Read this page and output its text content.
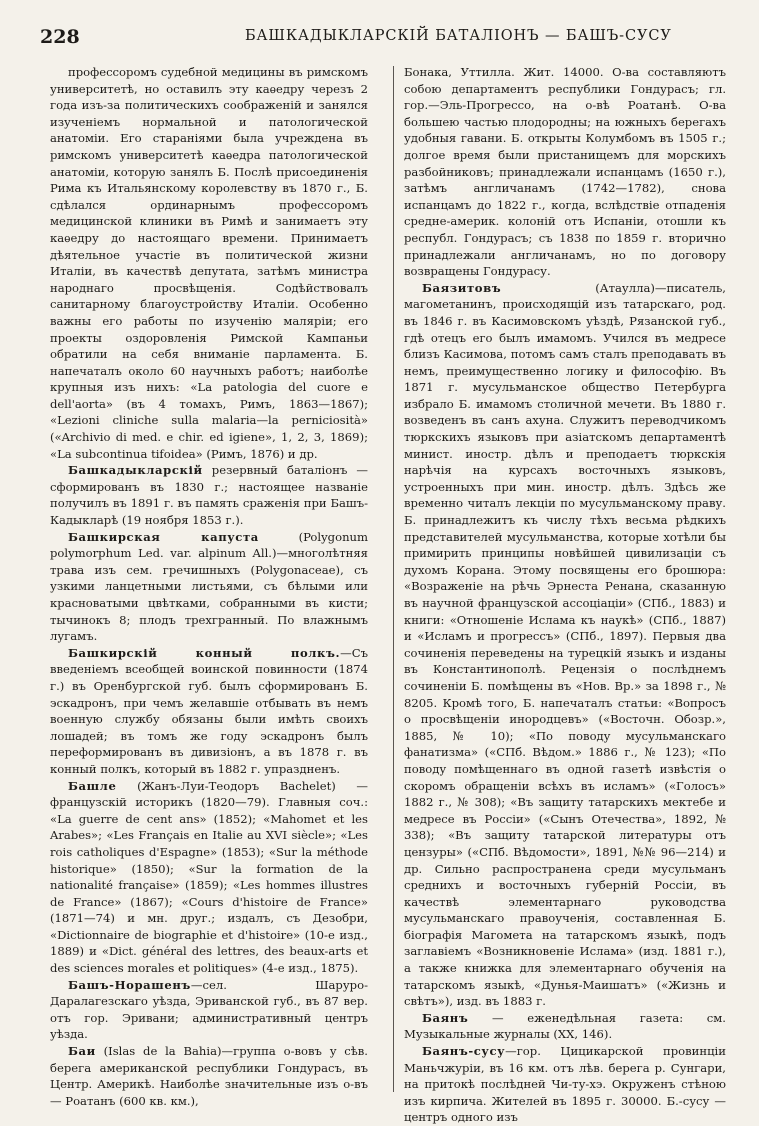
228	БАШКАДЫКЛАРСКІЙ БАТАЛІОНЪ — БАШЪ-СУСУ

профессоромъ судебной медицины въ римскомъ университетѣ, но оставилъ эту каѳедру черезъ 2 года изъ-за политическихъ соображеній и занялся изученіемъ нормальной и патологической анатоміи. Его стараніями была учреждена въ римскомъ университетѣ каѳедра патологической анатоміи, которую занялъ Б. Послѣ присоединенія Рима къ Итальянскому королевству въ 1870 г., Б. сдѣлался ординарнымъ профессоромъ медицинской клиники въ Римѣ и занимаетъ эту каѳедру до настоящаго времени. Принимаетъ дѣятельное участіе въ политической жизни Италіи, въ качествѣ депутата, затѣмъ министра народнаго просвѣщенія. Содѣйствовалъ санитарному благоустройству Италіи. Особенно важны его работы по изученію маляріи; его проекты оздоровленія Римской Кампаньи обратили на себя вниманіе парламента. Б. напечаталъ около 60 научныхъ работъ; наиболѣе крупныя изъ нихъ: «La patologia del cuore e dell'aorta» (въ 4 томахъ, Римъ, 1863—1867); «Lezioni cliniche sulla malaria—la perniciosità» («Archivio di med. e chir. ed igiene», 1, 2, 3, 1869); «La subcontinua tifoidea» (Римъ, 1876) и др.

Башкадыкларскій резервный баталіонъ — сформированъ въ 1830 г.; настоящее названіе получилъ въ 1891 г. въ память сраженія при Башъ-Кадыкларѣ (19 ноября 1853 г.).

Башкирская капуста	(Polygonum polymorphum Led. var. alpinum All.)—многолѣтняя трава изъ сем. гречишныхъ (Polygonaceae), съ узкими ланцетными листьями, съ бѣлыми или красноватыми цвѣтками, собранными въ кисти; тычинокъ 8; плодъ трехгранный. По влажнымъ лугамъ.

Башкирскій конный полкъ.—Съ введеніемъ всеобщей воинской повинности (1874 г.) въ Оренбургской губ. былъ сформированъ Б. эскадронъ, при чемъ желавшіе отбывать въ немъ военную службу обязаны были имѣть своихъ лошадей; въ томъ же году эскадронъ былъ переформированъ въ дивизіонъ, а въ 1878 г. въ конный полкъ, который въ 1882 г. упраздненъ.

Башле (Жанъ-Луи-Теодоръ Bachelet) — французскій историкъ (1820—79). Главныя соч.: «La guerre de cent ans» (1852); «Mahomet et les Arabes»; «Les Français en Italie au XVI siècle»; «Les rois catholiques d'Espagne» (1853); «Sur la méthode historique» (1850); «Sur la formation de la nationalité française» (1859); «Les hommes illustres de France» (1867); «Cours d'histoire de France» (1871—74) и мн. друг.; издалъ, съ Дезобри, «Dictionnaire de biographie et d'histoire» (10-е изд., 1889) и «Dict. général des lettres, des beaux-arts et des sciences morales et politiques» (4-е изд., 1875).

Башъ-Норашенъ—сел. Шаруро-Даралагезскаго уѣзда, Эриванской губ., въ 87 вер. отъ гор. Эривани; административный центръ уѣзда.

Баи (Islas de la Bahia)—группа о-вовъ у сѣв. берега американской республики Гондурасъ, въ Центр. Америкѣ. Наиболѣе значительные изъ о-въ — Роатанъ (600 кв. км.),

Бонака, Уттилла. Жит. 14000. О-ва составляютъ собою департаментъ республики Гондурасъ; гл. гор.—Эль-Прогрессо, на о-вѣ Роатанѣ. О-ва большею частью плодородны; на южныхъ берегахъ удобныя гавани. Б. открыты Колумбомъ въ 1505 г.; долгое время были пристанищемъ для морскихъ разбойниковъ; принадлежали испанцамъ (1650 г.), затѣмъ англичанамъ (1742—1782), снова испанцамъ до 1822 г., когда, вслѣдствіе отпаденія средне-америк. колоній отъ Испаніи, отошли къ республ. Гондурасъ; съ 1838 по 1859 г. вторично принадлежали англичанамъ, но по договору возвращены Гондурасу.

Баязитовъ	(Атаулла)—писатель, магометанинъ, происходящій изъ татарскаго, род. въ 1846 г. въ Касимовскомъ уѣздѣ, Рязанской губ., гдѣ отецъ его былъ имамомъ. Учился въ медресе близъ Касимова, потомъ самъ сталъ преподавать въ немъ, преимущественно логику и философію. Въ 1871 г. мусульманское общество Петербурга избрало Б. имамомъ столичной мечети. Въ 1880 г. возведенъ въ санъ ахуна. Служитъ переводчикомъ тюркскихъ языковъ при азіатскомъ департаментѣ минист. иностр. дѣлъ и преподаетъ тюркскія нарѣчія на курсахъ восточныхъ языковъ, устроенныхъ при мин. иностр. дѣлъ. Здѣсь же временно читалъ лекціи по мусульманскому праву. Б. принадлежитъ къ числу тѣхъ весьма рѣдкихъ представителей мусульманства, которые хотѣли бы примирить принципы новѣйшей цивилизаціи съ духомъ Корана. Этому посвящены его брошюра: «Возраженіе на рѣчь Эрнеста Ренана, сказанную въ научной французской ассоціаціи» (СПб., 1883) и книги: «Отношеніе Ислама къ наукѣ» (СПб., 1887) и «Исламъ и прогрессъ» (СПб., 1897). Первыя два сочиненія переведены на турецкій языкъ и изданы въ Константинополѣ. Рецензія о послѣднемъ сочиненіи Б. помѣщены въ «Нов. Вр.» за 1898 г., № 8205. Кромѣ того, Б. напечаталъ статьи: «Вопросъ о просвѣщеніи инородцевъ» («Восточн. Обозр.», 1885, № 10); «По поводу мусульманскаго фанатизма» («СПб. Вѣдом.» 1886 г., № 123); «По поводу помѣщеннаго въ одной газетѣ извѣстія о скоромъ обращеніи всѣхъ въ исламъ» («Голосъ» 1882 г., № 308); «Въ защиту татарскихъ мектебе и медресе въ Россіи» («Сынъ Отечества», 1892, № 338); «Въ защиту татарской литературы отъ цензуры» («СПб. Вѣдомости», 1891, №№ 96—214) и др. Сильно распространена среди мусульманъ среднихъ и восточныхъ губерній Россіи, въ качествѣ элементарнаго руководства мусульманскаго правоученія, составленная Б. біографія Магомета на татарскомъ языкѣ, подъ заглавіемъ «Возникновеніе Ислама» (изд. 1881 г.), а также книжка для элементарнаго обученія на татарскомъ языкѣ, «Дунья-Маишатъ» («Жизнь и свѣтъ»), изд. въ 1883 г.

Баянъ — еженедѣльная газета: см. Музыкальные журналы (XX, 146).

Баянъ-сусу—гор. Цицикарской провинціи Маньчжуріи, въ 16 км. отъ лѣв. берега р. Сунгари, на притокѣ послѣдней Чи-ту-хэ. Окруженъ стѣною изъ кирпича. Жителей въ 1895 г. 30000. Б.-сусу — центръ одного изъ
